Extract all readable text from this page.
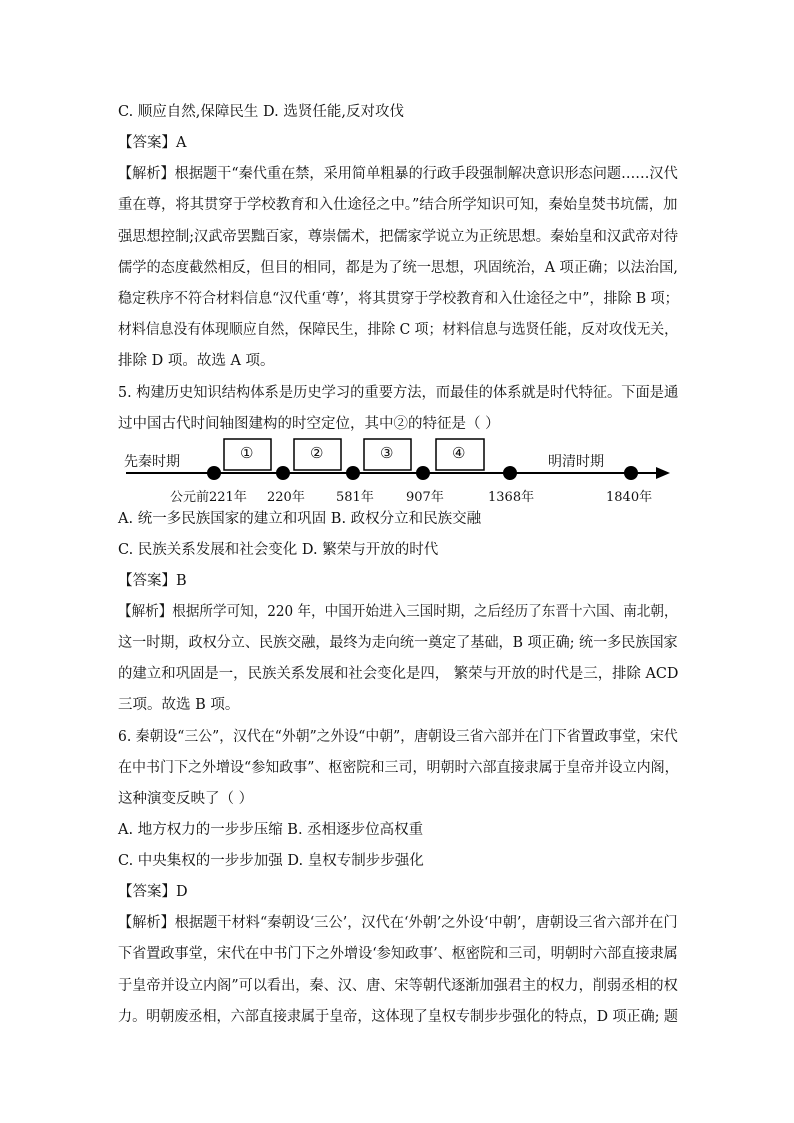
C. 顺应自然,保障民生 D. 选贤任能,反对攻伐
【答案】A
【解析】根据题干“秦代重在禁，采用简单粗暴的行政手段强制解决意识形态问题……汉代
重在尊，将其贯穿于学校教育和入仕途径之中。”结合所学知识可知，秦始皇焚书坑儒，加
强思想控制;汉武帝罢黜百家，尊崇儒术，把儒家学说立为正统思想。秦始皇和汉武帝对待
儒学的态度截然相反，但目的相同，都是为了统一思想，巩固统治，A 项正确；以法治国,
稳定秩序不符合材料信息“汉代重‘尊’，将其贯穿于学校教育和入仕途径之中”，排除 B 项；
材料信息没有体现顺应自然，保障民生，排除 C 项；材料信息与选贤任能，反对攻伐无关，
排除 D 项。故选 A 项。
5. 构建历史知识结构体系是历史学习的重要方法，而最佳的体系就是时代特征。下面是通
过中国古代时间轴图建构的时空定位，其中②的特征是（ ）
先秦时期	明清时期
①	②	③	④
公元前221年 220年 581年 907年	1368年	1840年
A. 统一多民族国家的建立和巩固 B. 政权分立和民族交融
C. 民族关系发展和社会变化 D. 繁荣与开放的时代
【答案】B
【解析】根据所学可知，220 年，中国开始进入三国时期，之后经历了东晋十六国、南北朝，
这一时期，政权分立、民族交融，最终为走向统一奠定了基础，B 项正确; 统一多民族国家
的建立和巩固是一，民族关系发展和社会变化是四， 繁荣与开放的时代是三，排除 ACD
三项。故选 B 项。
6. 秦朝设“三公”，汉代在“外朝”之外设“中朝”，唐朝设三省六部并在门下省置政事堂，宋代
在中书门下之外增设“参知政事”、枢密院和三司，明朝时六部直接隶属于皇帝并设立内阁，
这种演变反映了（ ）
A. 地方权力的一步步压缩 B. 丞相逐步位高权重
C. 中央集权的一步步加强 D. 皇权专制步步强化
【答案】D
【解析】根据题干材料“秦朝设‘三公’，汉代在‘外朝’之外设‘中朝’，唐朝设三省六部并在门
下省置政事堂，宋代在中书门下之外增设‘参知政事’、枢密院和三司，明朝时六部直接隶属
于皇帝并设立内阁”可以看出，秦、汉、唐、宋等朝代逐渐加强君主的权力，削弱丞相的权
力。明朝废丞相，六部直接隶属于皇帝，这体现了皇权专制步步强化的特点，D 项正确; 题
